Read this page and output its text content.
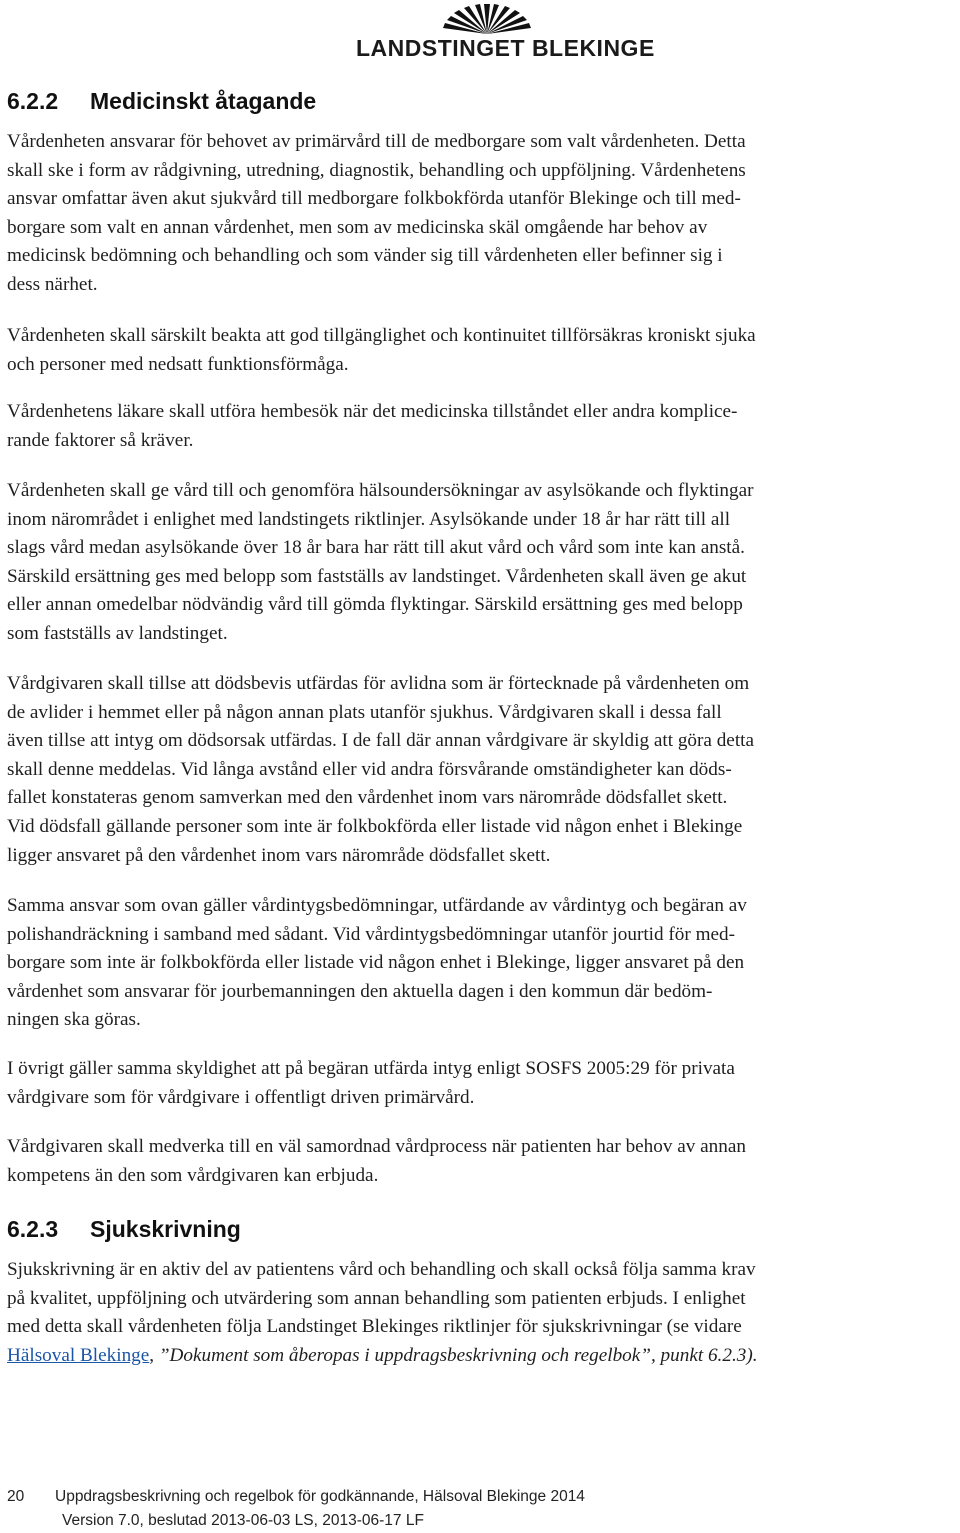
LANDSTINGET BLEKINGE
6.2.2 Medicinskt åtagande
Vårdenheten ansvarar för behovet av primärvård till de medborgare som valt vårdenheten. Detta
skall ske i form av rådgivning, utredning, diagnostik, behandling och uppföljning. Vårdenhetens
ansvar omfattar även akut sjukvård till medborgare folkbokförda utanför Blekinge och till med-
borgare som valt en annan vårdenhet, men som av medicinska skäl omgående har behov av
medicinsk bedömning och behandling och som vänder sig till vårdenheten eller befinner sig i
dess närhet.
Vårdenheten skall särskilt beakta att god tillgänglighet och kontinuitet tillförsäkras kroniskt sjuka
och personer med nedsatt funktionsförmåga.
Vårdenhetens läkare skall utföra hembesök när det medicinska tillståndet eller andra komplice-
rande faktorer så kräver.
Vårdenheten skall ge vård till och genomföra hälsoundersökningar av asylsökande och flyktingar
inom närområdet i enlighet med landstingets riktlinjer. Asylsökande under 18 år har rätt till all
slags vård medan asylsökande över 18 år bara har rätt till akut vård och vård som inte kan anstå.
Särskild ersättning ges med belopp som fastställs av landstinget. Vårdenheten skall även ge akut
eller annan omedelbar nödvändig vård till gömda flyktingar. Särskild ersättning ges med belopp
som fastställs av landstinget.
Vårdgivaren skall tillse att dödsbevis utfärdas för avlidna som är förtecknade på vårdenheten om
de avlider i hemmet eller på någon annan plats utanför sjukhus. Vårdgivaren skall i dessa fall
även tillse att intyg om dödsorsak utfärdas. I de fall där annan vårdgivare är skyldig att göra detta
skall denne meddelas. Vid långa avstånd eller vid andra försvårande omständigheter kan döds-
fallet konstateras genom samverkan med den vårdenhet inom vars närområde dödsfallet skett.
Vid dödsfall gällande personer som inte är folkbokförda eller listade vid någon enhet i Blekinge
ligger ansvaret på den vårdenhet inom vars närområde dödsfallet skett.
Samma ansvar som ovan gäller vårdintygsbedömningar, utfärdande av vårdintyg och begäran av
polishandräckning i samband med sådant. Vid vårdintygsbedömningar utanför jourtid för med-
borgare som inte är folkbokförda eller listade vid någon enhet i Blekinge, ligger ansvaret på den
vårdenhet som ansvarar för jourbemanningen den aktuella dagen i den kommun där bedöm-
ningen ska göras.
I övrigt gäller samma skyldighet att på begäran utfärda intyg enligt SOSFS 2005:29 för privata
vårdgivare som för vårdgivare i offentligt driven primärvård.
Vårdgivaren skall medverka till en väl samordnad vårdprocess när patienten har behov av annan
kompetens än den som vårdgivaren kan erbjuda.
6.2.3 Sjukskrivning
Sjukskrivning är en aktiv del av patientens vård och behandling och skall också följa samma krav
på kvalitet, uppföljning och utvärdering som annan behandling som patienten erbjuds. I enlighet
med detta skall vårdenheten följa Landstinget Blekinges riktlinjer för sjukskrivningar (se vidare
Hälsoval Blekinge, ”Dokument som åberopas i uppdragsbeskrivning och regelbok”, punkt 6.2.3).
20 Uppdragsbeskrivning och regelbok för godkännande, Hälsoval Blekinge 2014
Version 7.0, beslutad 2013-06-03 LS, 2013-06-17 LF
